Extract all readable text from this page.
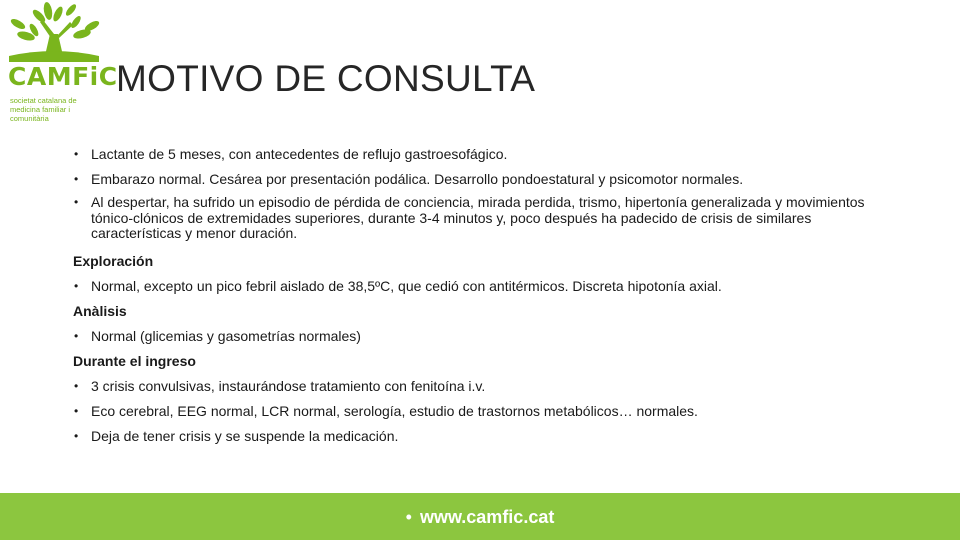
CAMFiC
societat catalana de medicina familiar i comunitària
MOTIVO DE CONSULTA
• Lactante de 5 meses, con antecedentes de reflujo gastroesofágico.
• Embarazo normal. Cesárea por presentación podálica. Desarrollo pondoestatural y psicomotor normales.
• Al despertar, ha sufrido un episodio de pérdida de conciencia, mirada perdida, trismo, hipertonía generalizada y movimientos tónico-clónicos de extremidades superiores, durante 3-4 minutos y, poco después ha padecido de crisis de similares características y menor duración.
Exploración
• Normal, excepto un pico febril aislado de 38,5ºC, que cedió con antitérmicos. Discreta hipotonía axial.
Anàlisis
• Normal (glicemias y gasometrías normales)
Durante el ingreso
• 3 crisis convulsivas, instaurándose tratamiento con fenitoína i.v.
• Eco cerebral, EEG normal, LCR normal, serología, estudio de trastornos metabólicos… normales.
• Deja de tener crisis y se suspende la medicación.
• www.camfic.cat
